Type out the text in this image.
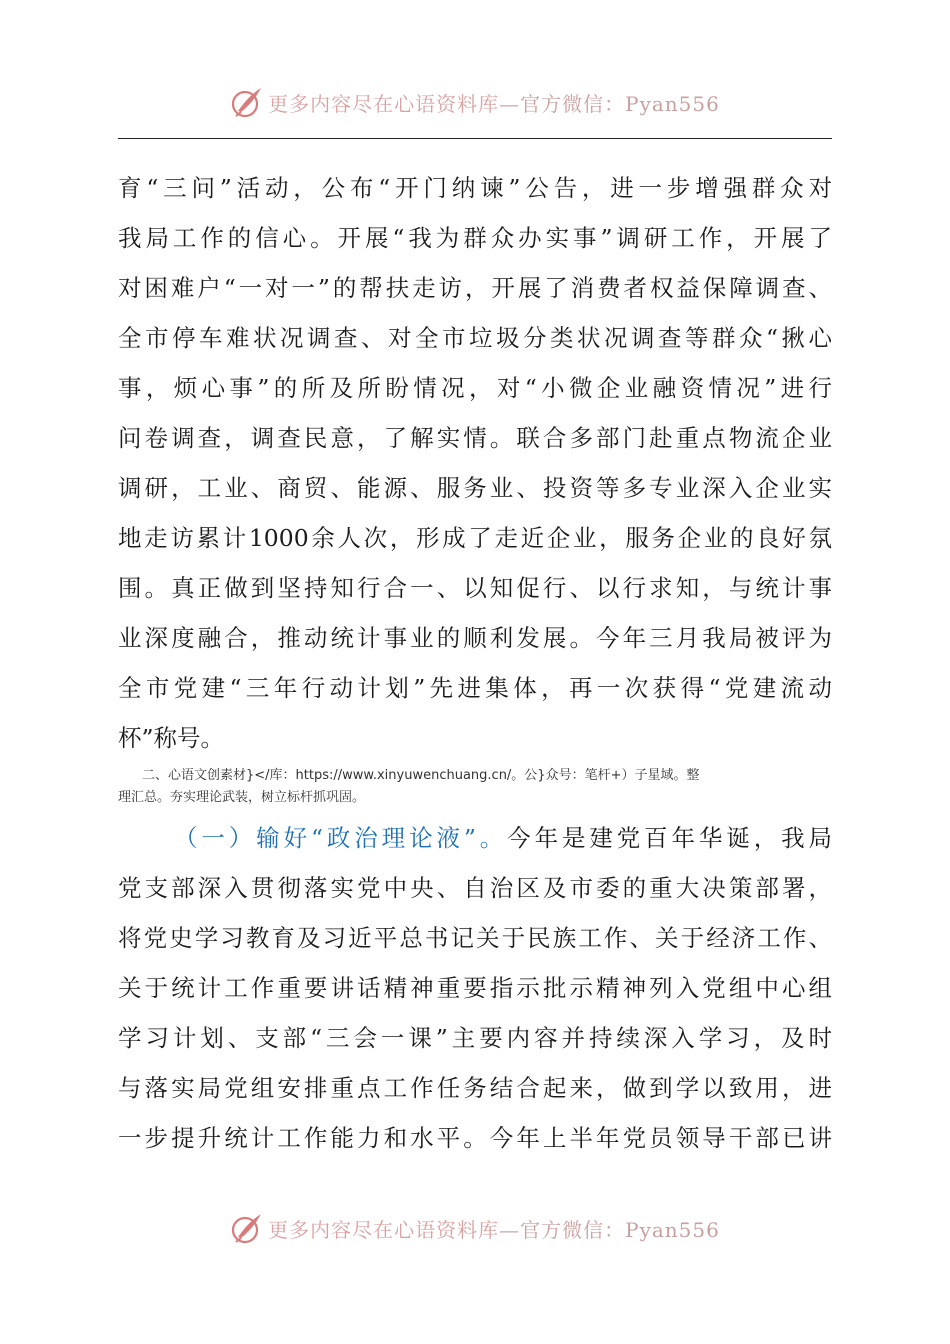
更多内容尽在心语资料库—官方微信：Pyan556
育“三问”活动，公布“开门纳谏”公告，进一步增强群众对
我局工作的信心。开展“我为群众办实事”调研工作，开展了
对困难户“一对一”的帮扶走访，开展了消费者权益保障调查、
全市停车难状况调查、对全市垃圾分类状况调查等群众“揪心
事，烦心事”的所及所盼情况，对“小微企业融资情况”进行
问卷调查，调查民意，了解实情。联合多部门赴重点物流企业
调研，工业、商贸、能源、服务业、投资等多专业深入企业实
地走访累计1000余人次，形成了走近企业，服务企业的良好氛
围。真正做到坚持知行合一、以知促行、以行求知，与统计事
业深度融合，推动统计事业的顺利发展。今年三月我局被评为
全市党建“三年行动计划”先进集体，再一次获得“党建流动
杯”称号。
二、心语文创素材}</库：https://www.xinyuwenchuang.cn/。公}众号：笔杆+）子星域。整
理汇总。夯实理论武装，树立标杆抓巩固。
（一）输好“政治理论液”。今年是建党百年华诞，我局
党支部深入贯彻落实党中央、自治区及市委的重大决策部署，
将党史学习教育及习近平总书记关于民族工作、关于经济工作、
关于统计工作重要讲话精神重要指示批示精神列入党组中心组
学习计划、支部“三会一课”主要内容并持续深入学习，及时
与落实局党组安排重点工作任务结合起来，做到学以致用，进
一步提升统计工作能力和水平。今年上半年党员领导干部已讲
更多内容尽在心语资料库—官方微信：Pyan556
